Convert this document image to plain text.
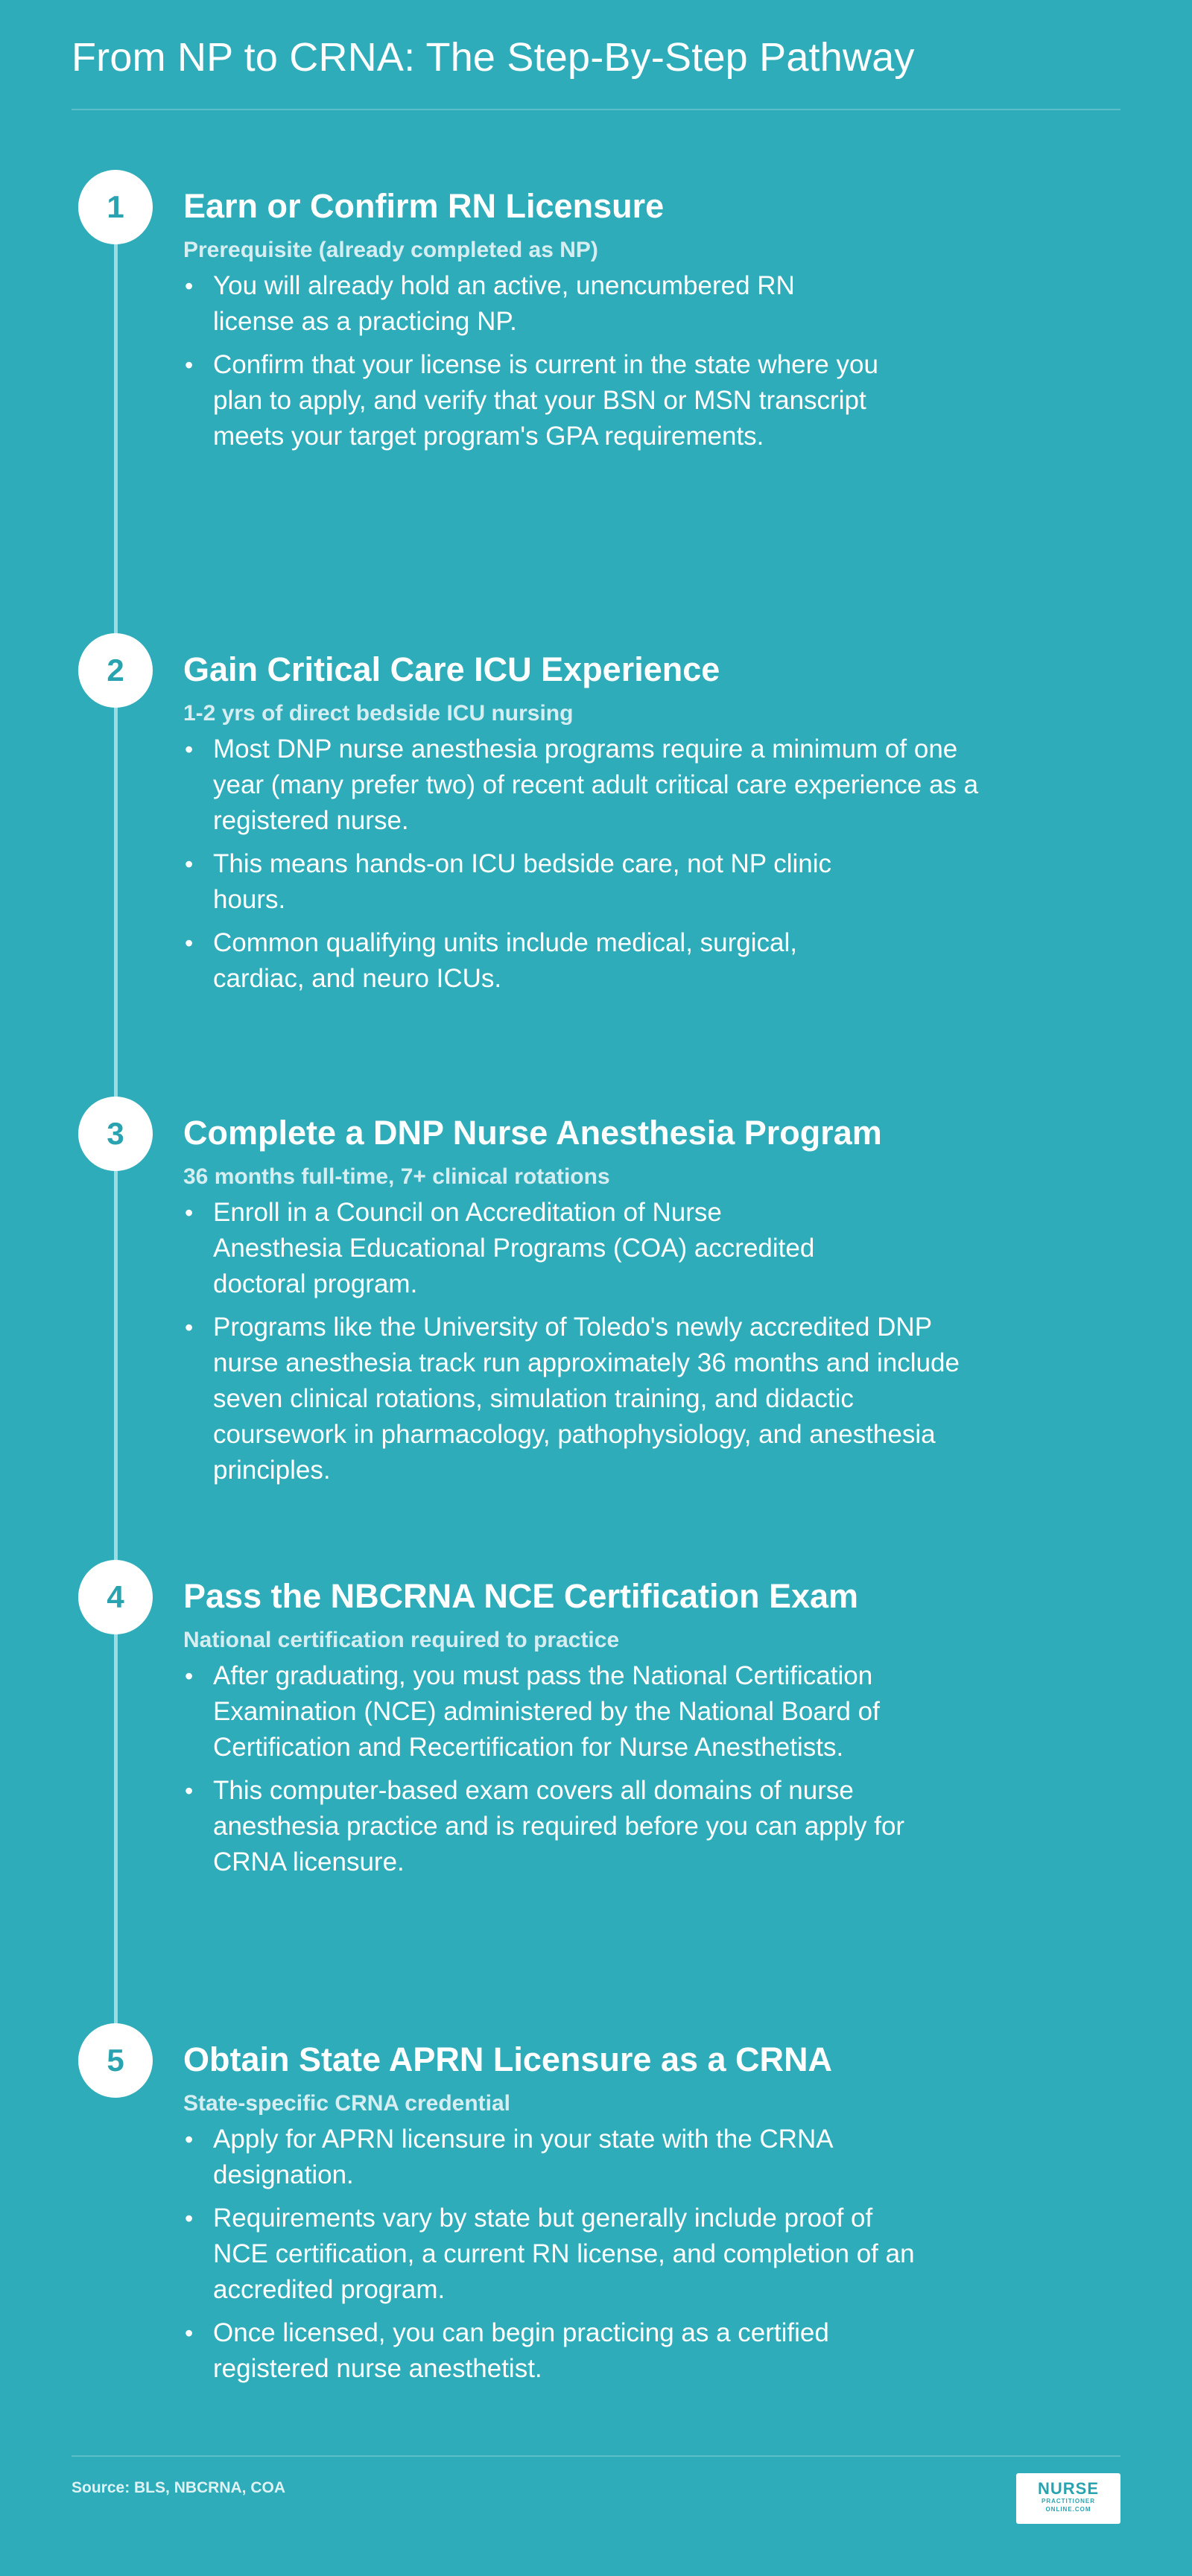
From NP to CRNA: The Step-By-Step Pathway
1	Earn or Confirm RN Licensure
Prerequisite (already completed as NP)
• You will already hold an active, unencumbered RN license as a practicing NP.
• Confirm that your license is current in the state where you plan to apply, and verify that your BSN or MSN transcript meets your target program's GPA requirements.
2	Gain Critical Care ICU Experience
1-2 yrs of direct bedside ICU nursing
• Most DNP nurse anesthesia programs require a minimum of one year (many prefer two) of recent adult critical care experience as a registered nurse.
• This means hands-on ICU bedside care, not NP clinic hours.
• Common qualifying units include medical, surgical, cardiac, and neuro ICUs.
3	Complete a DNP Nurse Anesthesia Program
36 months full-time, 7+ clinical rotations
• Enroll in a Council on Accreditation of Nurse Anesthesia Educational Programs (COA) accredited doctoral program.
• Programs like the University of Toledo's newly accredited DNP nurse anesthesia track run approximately 36 months and include seven clinical rotations, simulation training, and didactic coursework in pharmacology, pathophysiology, and anesthesia principles.
4	Pass the NBCRNA NCE Certification Exam
National certification required to practice
• After graduating, you must pass the National Certification Examination (NCE) administered by the National Board of Certification and Recertification for Nurse Anesthetists.
• This computer-based exam covers all domains of nurse anesthesia practice and is required before you can apply for CRNA licensure.
5	Obtain State APRN Licensure as a CRNA
State-specific CRNA credential
• Apply for APRN licensure in your state with the CRNA designation.
• Requirements vary by state but generally include proof of NCE certification, a current RN license, and completion of an accredited program.
• Once licensed, you can begin practicing as a certified registered nurse anesthetist.
Source: BLS, NBCRNA, COA	NURSE
PRACTITIONER
ONLINE.COM
